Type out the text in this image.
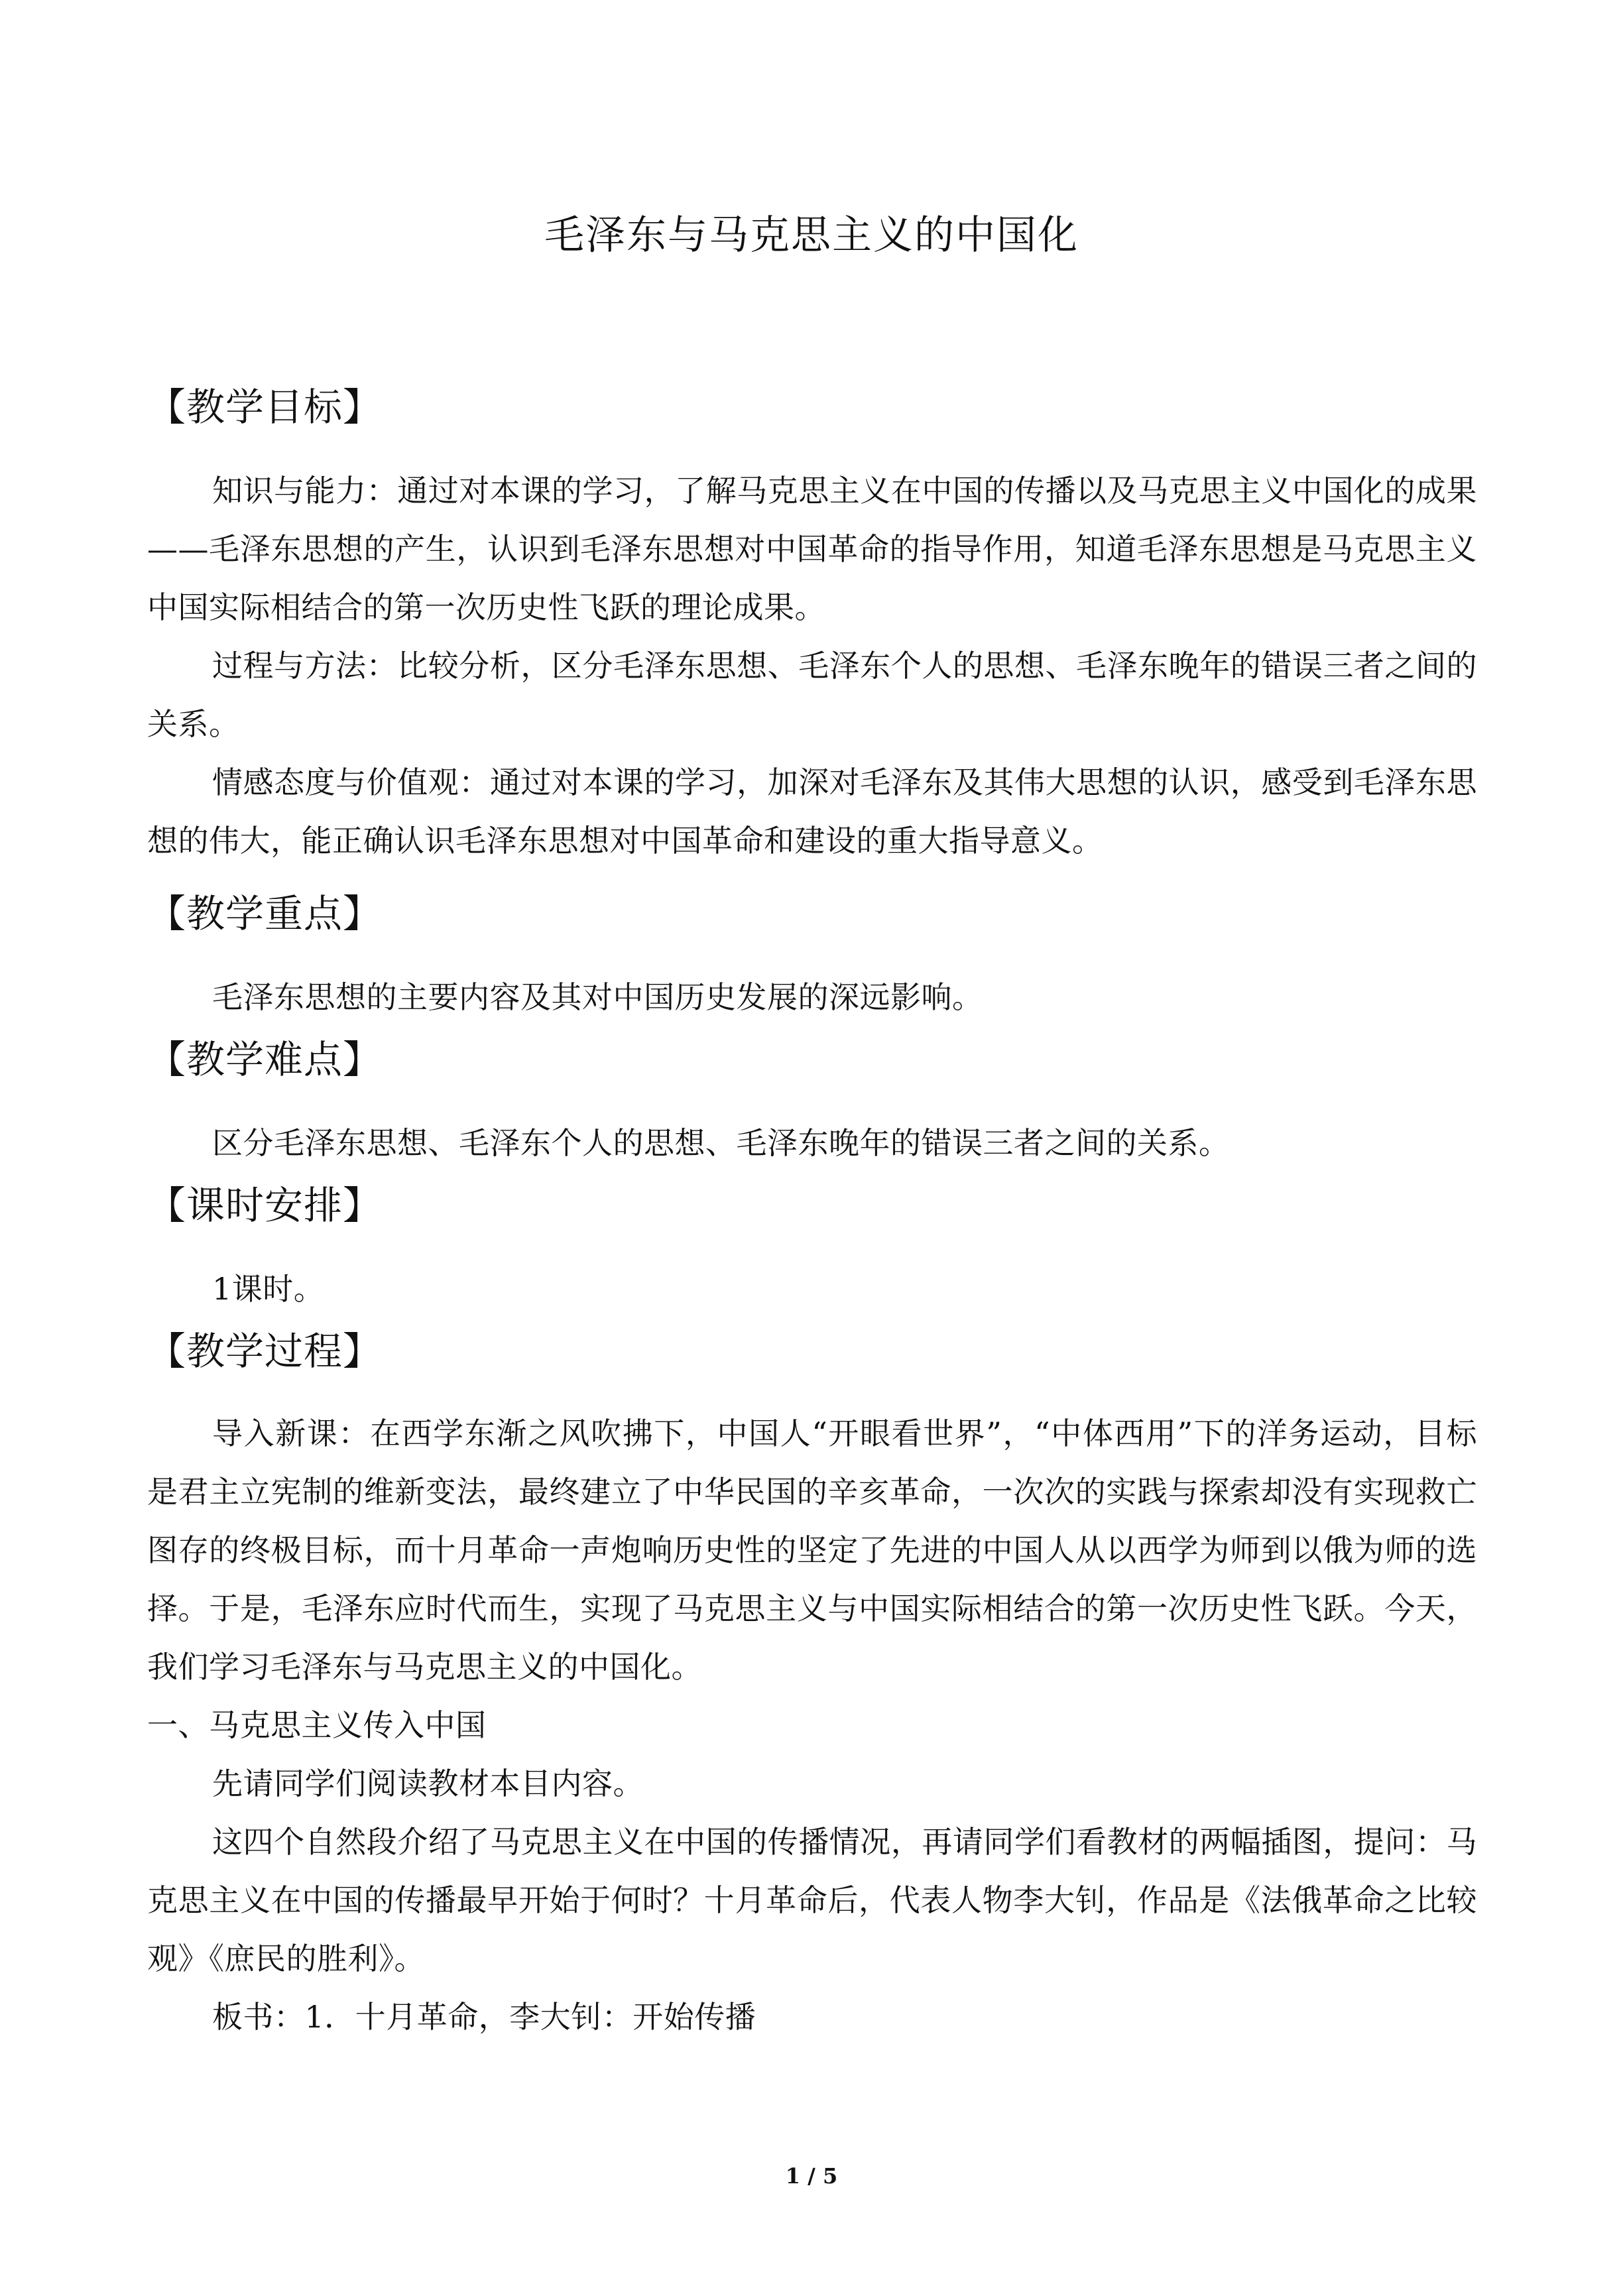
毛泽东与马克思主义的中国化
【教学目标】
知识与能力：通过对本课的学习，了解马克思主义在中国的传播以及马克思主义中国化的成果——毛泽东思想的产生，认识到毛泽东思想对中国革命的指导作用，知道毛泽东思想是马克思主义中国实际相结合的第一次历史性飞跃的理论成果。
过程与方法：比较分析，区分毛泽东思想、毛泽东个人的思想、毛泽东晚年的错误三者之间的关系。
情感态度与价值观：通过对本课的学习，加深对毛泽东及其伟大思想的认识，感受到毛泽东思想的伟大，能正确认识毛泽东思想对中国革命和建设的重大指导意义。
【教学重点】
毛泽东思想的主要内容及其对中国历史发展的深远影响。
【教学难点】
区分毛泽东思想、毛泽东个人的思想、毛泽东晚年的错误三者之间的关系。
【课时安排】
1课时。
【教学过程】
导入新课：在西学东渐之风吹拂下，中国人“开眼看世界”，“中体西用”下的洋务运动，目标是君主立宪制的维新变法，最终建立了中华民国的辛亥革命，一次次的实践与探索却没有实现救亡图存的终极目标，而十月革命一声炮响历史性的坚定了先进的中国人从以西学为师到以俄为师的选择。于是，毛泽东应时代而生，实现了马克思主义与中国实际相结合的第一次历史性飞跃。今天，我们学习毛泽东与马克思主义的中国化。
一、马克思主义传入中国
先请同学们阅读教材本目内容。
这四个自然段介绍了马克思主义在中国的传播情况，再请同学们看教材的两幅插图，提问：马克思主义在中国的传播最早开始于何时？十月革命后，代表人物李大钊，作品是《法俄革命之比较观》《庶民的胜利》。
板书：1．十月革命，李大钊：开始传播
1 / 5
